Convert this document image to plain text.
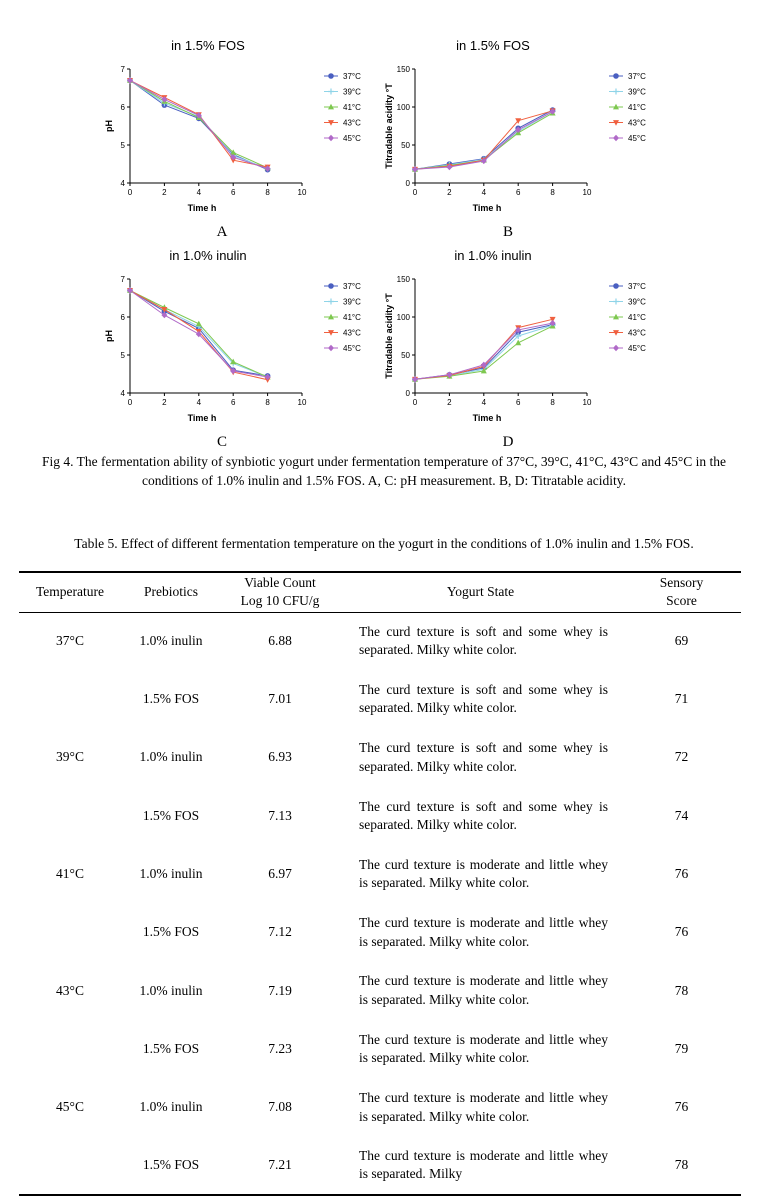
in 1.5% FOS
0	2	4	6	8	10
4
5
6
7
Time h
pH
37°C
39°C
41°C
43°C
45°C
in 1.5% FOS
0	2	4	6	8	10
0
50
100
150
Time h
Titradable acidity °T
37°C
39°C
41°C
43°C
45°C
in 1.0% inulin
0	2	4	6	8	10
4
5
6
7
Time h
pH
37°C
39°C
41°C
43°C
45°C
in 1.0% inulin
0	2	4	6	8	10
0
50
100
150
Time h
Titradable acidity °T
37°C
39°C
41°C
43°C
45°C
A	B
C	D
Fig 4. The fermentation ability of synbiotic yogurt under fermentation temperature of 37°C, 39°C, 41°C, 43°C and 45°C in the conditions of 1.0% inulin and 1.5% FOS. A, C: pH measurement. B, D: Titratable acidity.
Table 5. Effect of different fermentation temperature on the yogurt in the conditions of 1.0% inulin and 1.5% FOS.
Temperature	Prebiotics	Viable Count Log 10 CFU/g	Yogurt State	Sensory Score
37°C	1.0% inulin	6.88	The curd texture is soft and some whey is separated. Milky white color.	69
	1.5% FOS	7.01	The curd texture is soft and some whey is separated. Milky white color.	71
39°C	1.0% inulin	6.93	The curd texture is soft and some whey is separated. Milky white color.	72
	1.5% FOS	7.13	The curd texture is soft and some whey is separated. Milky white color.	74
41°C	1.0% inulin	6.97	The curd texture is moderate and little whey is separated. Milky white color.	76
	1.5% FOS	7.12	The curd texture is moderate and little whey is separated. Milky white color.	76
43°C	1.0% inulin	7.19	The curd texture is moderate and little whey is separated. Milky white color.	78
	1.5% FOS	7.23	The curd texture is moderate and little whey is separated. Milky white color.	79
45°C	1.0% inulin	7.08	The curd texture is moderate and little whey is separated. Milky white color.	76
	1.5% FOS	7.21	The curd texture is moderate and little whey is separated. Milky	78
